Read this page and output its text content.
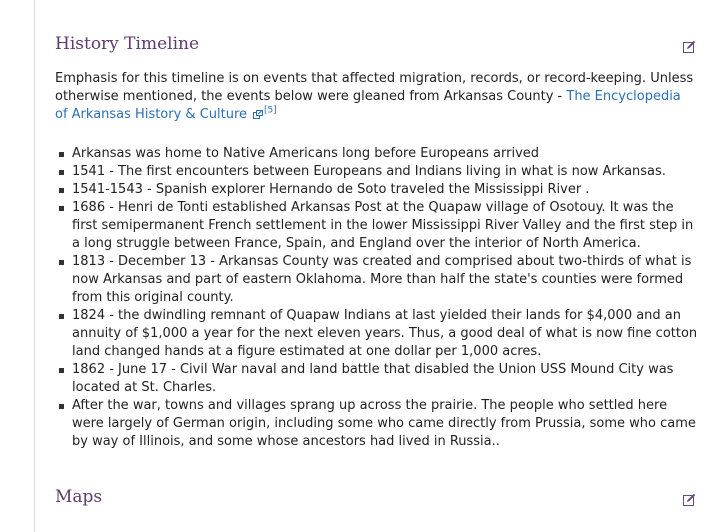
History Timeline

Emphasis for this timeline is on events that affected migration, records, or record-keeping. Unless otherwise mentioned, the events below were gleaned from Arkansas County - The Encyclopedia of Arkansas History & Culture [5]

Arkansas was home to Native Americans long before Europeans arrived
1541 - The first encounters between Europeans and Indians living in what is now Arkansas.
1541-1543 - Spanish explorer Hernando de Soto traveled the Mississippi River .
1686 - Henri de Tonti established Arkansas Post at the Quapaw village of Osotouy. It was the first semipermanent French settlement in the lower Mississippi River Valley and the first step in a long struggle between France, Spain, and England over the interior of North America.
1813 - December 13 - Arkansas County was created and comprised about two-thirds of what is now Arkansas and part of eastern Oklahoma. More than half the state's counties were formed from this original county.
1824 - the dwindling remnant of Quapaw Indians at last yielded their lands for $4,000 and an annuity of $1,000 a year for the next eleven years. Thus, a good deal of what is now fine cotton land changed hands at a figure estimated at one dollar per 1,000 acres.
1862 - June 17 - Civil War naval and land battle that disabled the Union USS Mound City was located at St. Charles.
After the war, towns and villages sprang up across the prairie. The people who settled here were largely of German origin, including some who came directly from Prussia, some who came by way of Illinois, and some whose ancestors had lived in Russia..
Maps
